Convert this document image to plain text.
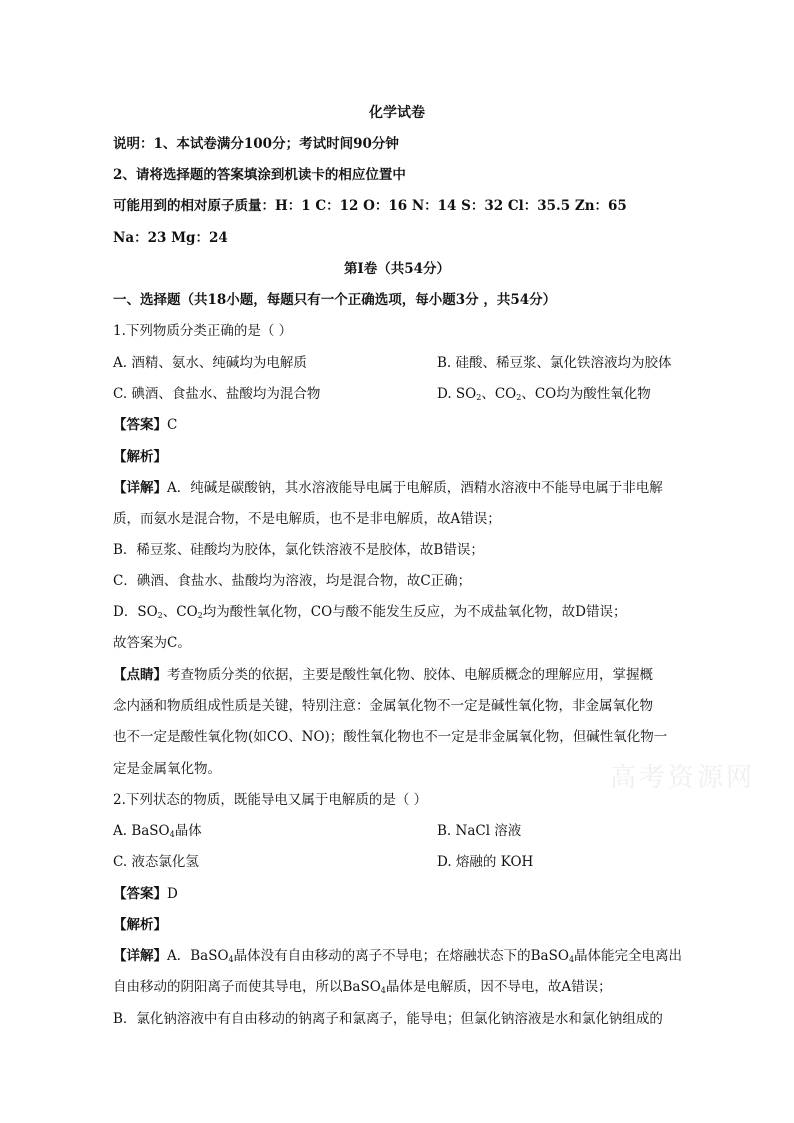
化学试卷
说明：1、本试卷满分100分；考试时间90分钟
2、请将选择题的答案填涂到机读卡的相应位置中
可能用到的相对原子质量：H：1 C：12 O：16 N：14 S：32 Cl：35.5 Zn：65
Na：23 Mg：24
第Ⅰ卷（共54分）
一、选择题（共18小题，每题只有一个正确选项，每小题3分 ，共54分）
1.下列物质分类正确的是（ ）
A. 酒精、氨水、纯碱均为电解质	B. 硅酸、稀豆浆、氯化铁溶液均为胶体
C. 碘酒、食盐水、盐酸均为混合物	D. $SO_2$、$CO_2$、CO均为酸性氧化物
【答案】C
【解析】
【详解】A．纯碱是碳酸钠，其水溶液能导电属于电解质，酒精水溶液中不能导电属于非电解
质，而氨水是混合物，不是电解质，也不是非电解质，故A错误；
B．稀豆浆、硅酸均为胶体，氯化铁溶液不是胶体，故B错误；
C．碘酒、食盐水、盐酸均为溶液，均是混合物，故C正确；
D．$SO_2$、$CO_2$均为酸性氧化物，CO与酸不能发生反应，为不成盐氧化物，故D错误；
故答案为C。
【点睛】考查物质分类的依据，主要是酸性氧化物、胶体、电解质概念的理解应用，掌握概
念内涵和物质组成性质是关键，特别注意：金属氧化物不一定是碱性氧化物，非金属氧化物
也不一定是酸性氧化物(如CO、NO)；酸性氧化物也不一定是非金属氧化物，但碱性氧化物一
定是金属氧化物。	高考资源网
2.下列状态的物质，既能导电又属于电解质的是（ ）
A. BaSO$_4$晶体	B. NaCl 溶液
C. 液态氯化氢	D. 熔融的 KOH
【答案】D
【解析】
【详解】A．BaSO$_4$晶体没有自由移动的离子不导电；在熔融状态下的BaSO$_4$晶体能完全电离出
自由移动的阴阳离子而使其导电，所以BaSO$_4$晶体是电解质，因不导电，故A错误；
B．氯化钠溶液中有自由移动的钠离子和氯离子，能导电；但氯化钠溶液是水和氯化钠组成的
